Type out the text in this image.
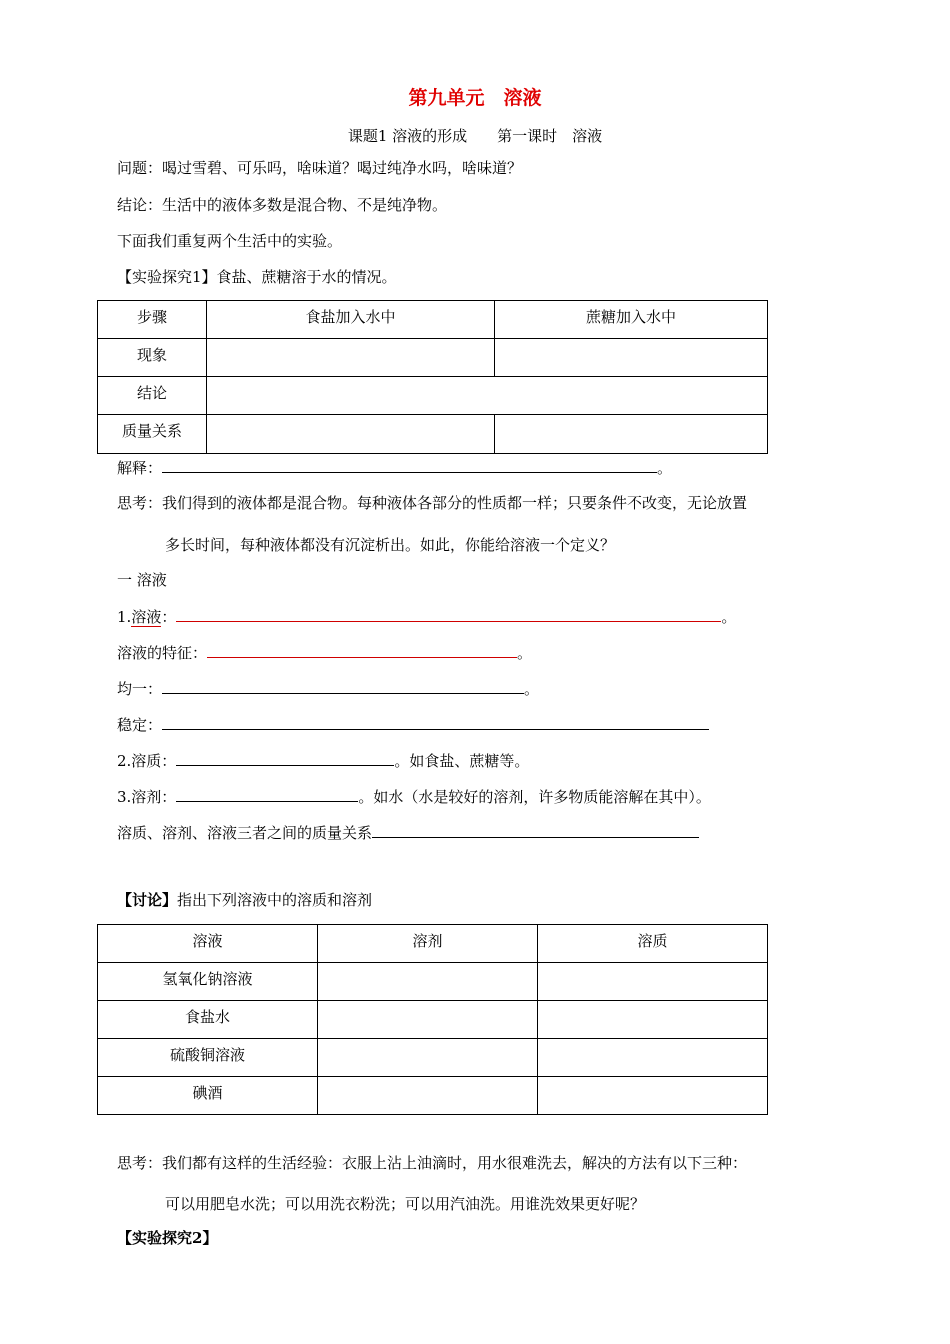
第九单元　溶液
课题1 溶液的形成　　第一课时　溶液
问题：喝过雪碧、可乐吗，啥味道？喝过纯净水吗，啥味道？
结论：生活中的液体多数是混合物、不是纯净物。
下面我们重复两个生活中的实验。
【实验探究1】食盐、蔗糖溶于水的情况。
步骤	食盐加入水中	蔗糖加入水中
现象		
结论		
质量关系		
解释：	。
思考：我们得到的液体都是混合物。每种液体各部分的性质都一样；只要条件不改变，无论放置
多长时间，每种液体都没有沉淀析出。如此，你能给溶液一个定义？
一 溶液
1.溶液：	。
溶液的特征：	。
均一：	。
稳定：
2.溶质：	。如食盐、蔗糖等。
3.溶剂：	。如水（水是较好的溶剂，许多物质能溶解在其中）。
溶质、溶剂、溶液三者之间的质量关系
【讨论】指出下列溶液中的溶质和溶剂
溶液	溶剂	溶质
氢氧化钠溶液		
食盐水		
硫酸铜溶液		
碘酒		
思考：我们都有这样的生活经验：衣服上沾上油滴时，用水很难洗去，解决的方法有以下三种：
可以用肥皂水洗；可以用洗衣粉洗；可以用汽油洗。用谁洗效果更好呢？
【实验探究2】
